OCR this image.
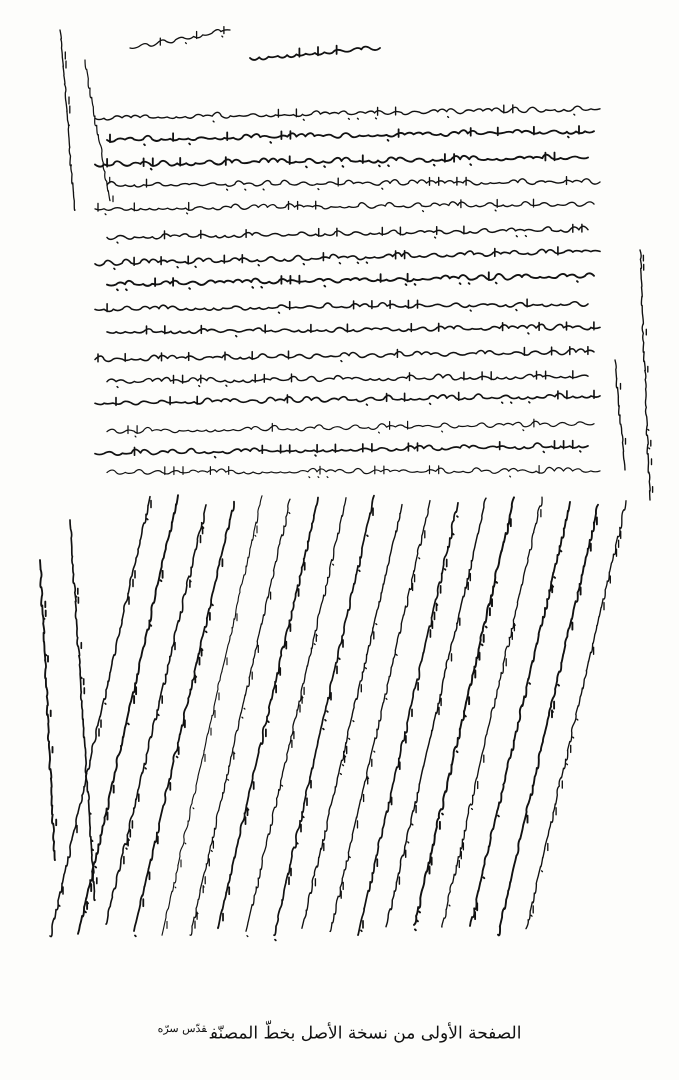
الصفحة الأولى من نسخة الأصل بخطّ المصنّف$^{قدّس سرّه}$
